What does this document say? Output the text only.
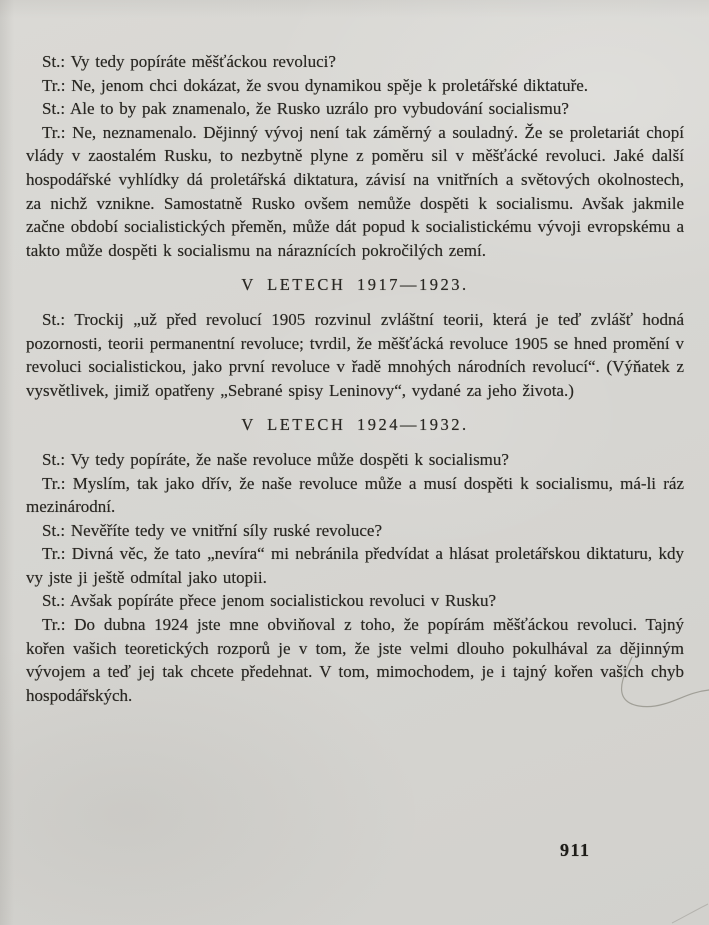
St.: Vy tedy popíráte měšťáckou revoluci?

Tr.: Ne, jenom chci dokázat, že svou dynamikou spěje k proletářské diktatuře.

St.: Ale to by pak znamenalo, že Rusko uzrálo pro vybudování socialismu?

Tr.: Ne, neznamenalo. Dějinný vývoj není tak záměrný a souladný. Že se proletariát chopí vlády v zaostalém Rusku, to nezbytně plyne z poměru sil v měšťácké revoluci. Jaké další hospodářské vyhlídky dá proletářská diktatura, závisí na vnitřních a světových okolnostech, za nichž vznikne. Samostatně Rusko ovšem nemůže dospěti k socialismu. Avšak jakmile začne období socialistických přeměn, může dát popud k socialistickému vývoji evropskému a takto může dospěti k socialismu na náraznících pokročilých zemí.

V LETECH 1917—1923.

St.: Trockij „už před revolucí 1905 rozvinul zvláštní teorii, která je teď zvlášť hodná pozornosti, teorii permanentní revoluce; tvrdil, že měšťácká revoluce 1905 se hned promění v revoluci socialistickou, jako první revoluce v řadě mnohých národních revolucí“. (Výňatek z vysvětlivek, jimiž opatřeny „Sebrané spisy Leninovy“, vydané za jeho života.)

V LETECH 1924—1932.

St.: Vy tedy popíráte, že naše revoluce může dospěti k socialismu?

Tr.: Myslím, tak jako dřív, že naše revoluce může a musí dospěti k socialismu, má-li ráz mezinárodní.

St.: Nevěříte tedy ve vnitřní síly ruské revoluce?

Tr.: Divná věc, že tato „nevíra“ mi nebránila předvídat a hlásat proletářskou diktaturu, kdy vy jste ji ještě odmítal jako utopii.

St.: Avšak popíráte přece jenom socialistickou revoluci v Rusku?

Tr.: Do dubna 1924 jste mne obviňoval z toho, že popírám měšťáckou revoluci. Tajný kořen vašich teoretických rozporů je v tom, že jste velmi dlouho pokulhával za dějinným vývojem a teď jej tak chcete předehnat. V tom, mimochodem, je i tajný kořen vašich chyb hospodářských.

911
